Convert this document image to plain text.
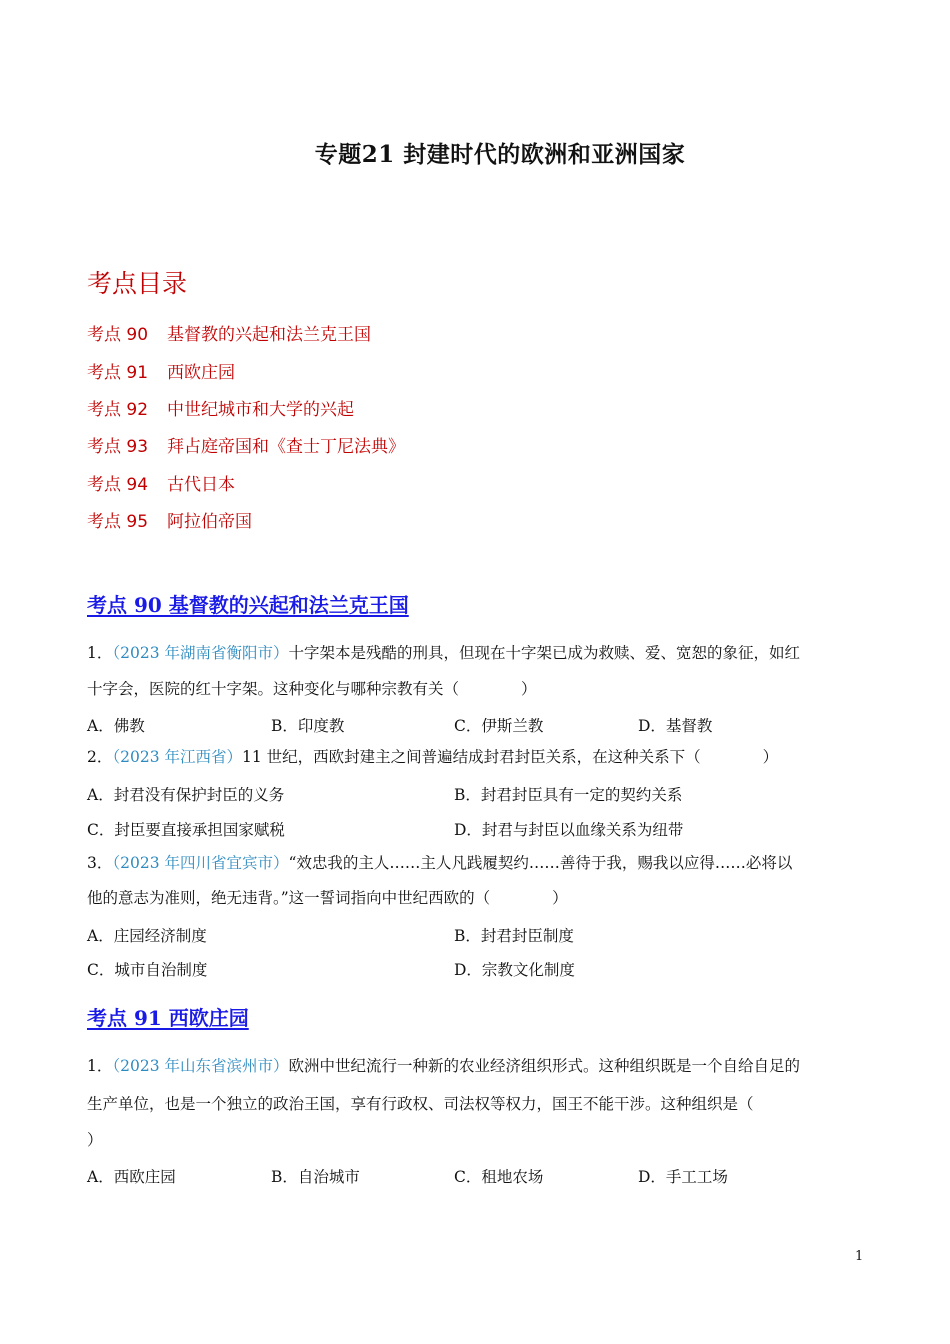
专题21 封建时代的欧洲和亚洲国家
考点目录
考点 90 基督教的兴起和法兰克王国
考点 91 西欧庄园
考点 92 中世纪城市和大学的兴起
考点 93 拜占庭帝国和《查士丁尼法典》
考点 94 古代日本
考点 95 阿拉伯帝国
考点 90 基督教的兴起和法兰克王国
1．（2023 年湖南省衡阳市）十字架本是残酷的刑具，但现在十字架已成为救赎、爱、宽恕的象征，如红
十字会，医院的红十字架。这种变化与哪种宗教有关（　　　　）
A．佛教	B．印度教	C．伊斯兰教	D．基督教
2．（2023 年江西省）11 世纪，西欧封建主之间普遍结成封君封臣关系，在这种关系下（　　　　）
A．封君没有保护封臣的义务	B．封君封臣具有一定的契约关系
C．封臣要直接承担国家赋税	D．封君与封臣以血缘关系为纽带
3．（2023 年四川省宜宾市）“效忠我的主人……主人凡践履契约……善待于我，赐我以应得……必将以
他的意志为准则，绝无违背。”这一誓词指向中世纪西欧的（　　　　）
A．庄园经济制度	B．封君封臣制度
C．城市自治制度	D．宗教文化制度
考点 91 西欧庄园
1．（2023 年山东省滨州市）欧洲中世纪流行一种新的农业经济组织形式。这种组织既是一个自给自足的
生产单位，也是一个独立的政治王国，享有行政权、司法权等权力，国王不能干涉。这种组织是（
）
A．西欧庄园	B．自治城市	C．租地农场	D．手工工场
1
